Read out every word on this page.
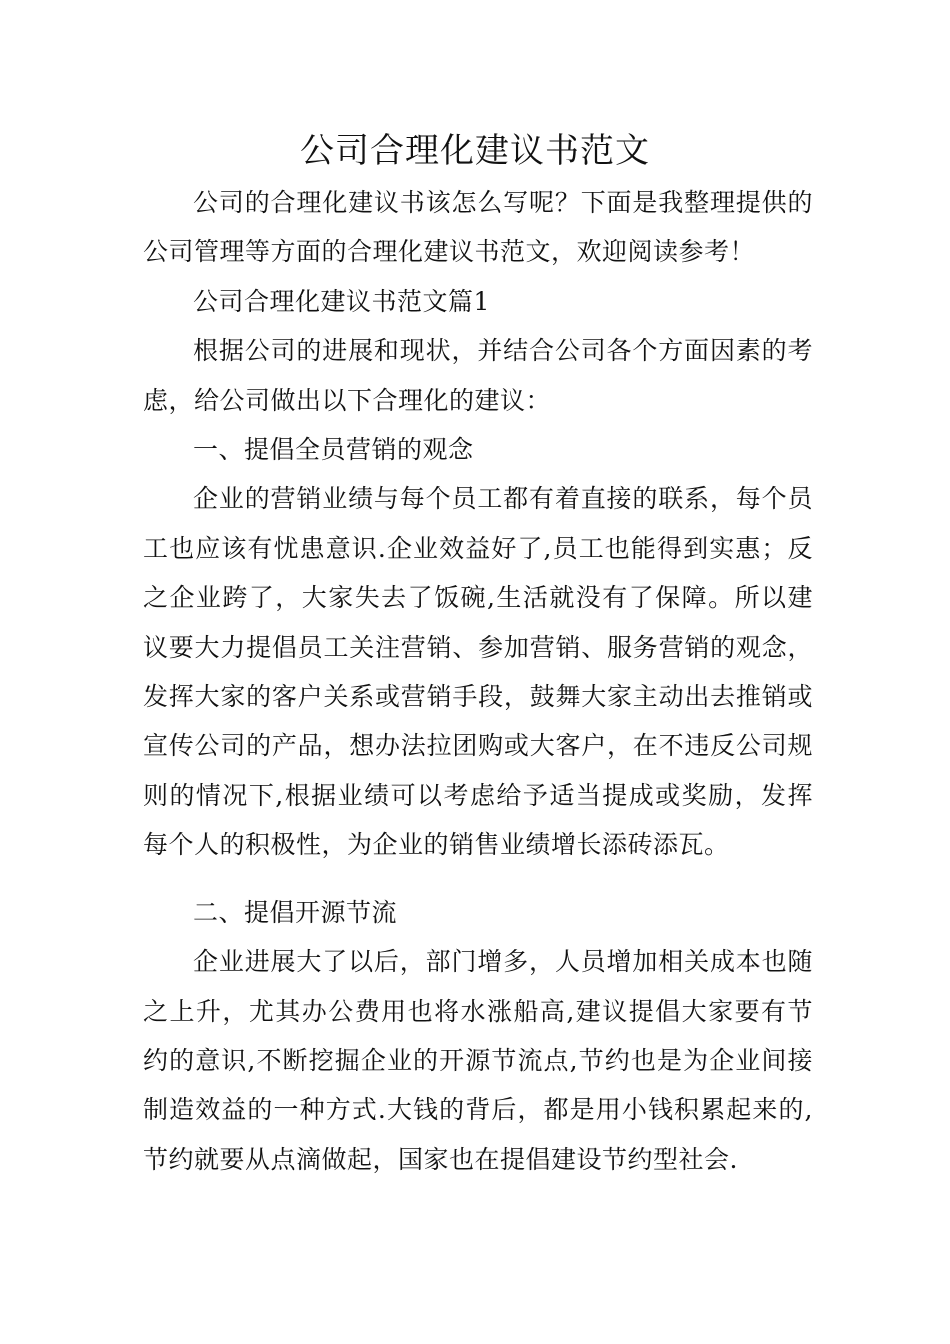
公司合理化建议书范文

公司的合理化建议书该怎么写呢？下面是我整理提供的公司管理等方面的合理化建议书范文，欢迎阅读参考！

公司合理化建议书范文篇1

根据公司的进展和现状，并结合公司各个方面因素的考虑，给公司做出以下合理化的建议：

一、提倡全员营销的观念

企业的营销业绩与每个员工都有着直接的联系，每个员工也应该有忧患意识.企业效益好了,员工也能得到实惠；反之企业跨了，大家失去了饭碗,生活就没有了保障。所以建议要大力提倡员工关注营销、参加营销、服务营销的观念，发挥大家的客户关系或营销手段，鼓舞大家主动出去推销或宣传公司的产品，想办法拉团购或大客户，在不违反公司规则的情况下,根据业绩可以考虑给予适当提成或奖励，发挥每个人的积极性，为企业的销售业绩增长添砖添瓦。

二、提倡开源节流

企业进展大了以后，部门增多，人员增加相关成本也随之上升，尤其办公费用也将水涨船高,建议提倡大家要有节约的意识,不断挖掘企业的开源节流点,节约也是为企业间接制造效益的一种方式.大钱的背后，都是用小钱积累起来的,节约就要从点滴做起，国家也在提倡建设节约型社会.
